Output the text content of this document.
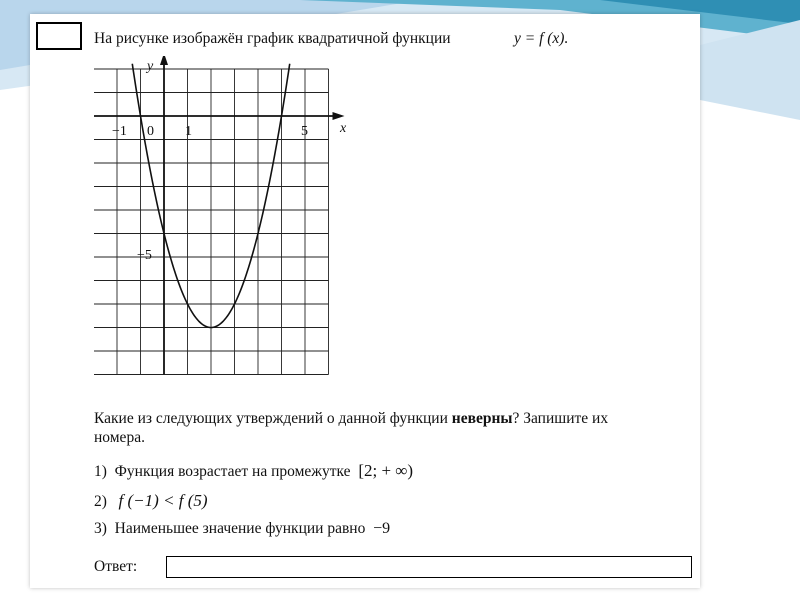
На рисунке изображён график квадратичной функции	y = f (x).
−1 0 1	5
−5
x
y
Какие из следующих утверждений о данной функции неверны? Запишите их
номера.
1) Функция возрастает на промежутке [2; + ∞)
2) f (−1) < f (5)
3) Наименьшее значение функции равно −9
Ответ:
